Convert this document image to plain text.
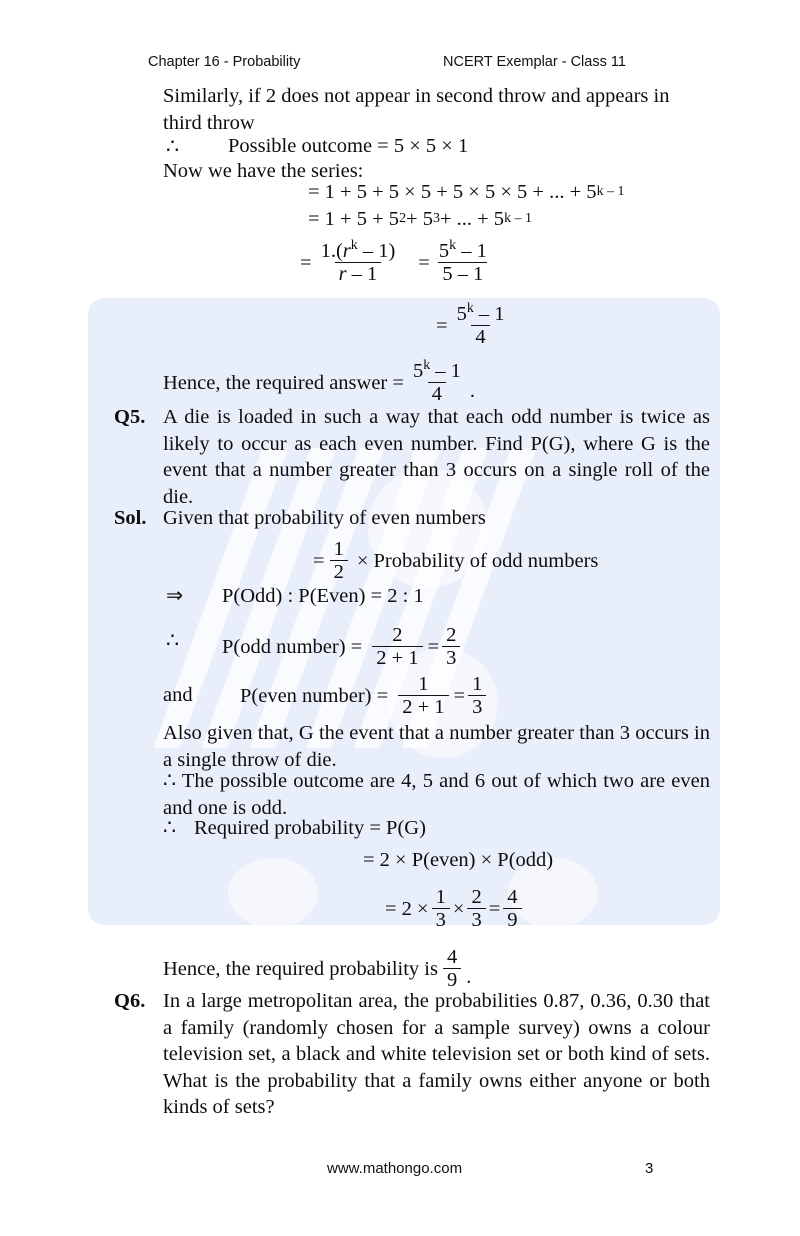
Chapter 16 - Probability	NCERT Exemplar - Class 11
Similarly, if 2 does not appear in second throw and appears in
third throw
∴ Possible outcome = 5 × 5 × 1
Now we have the series:
= 1 + 5 + 5 × 5 + 5 × 5 × 5 + ... + 5 k – 1
= 1 + 5 + 5 2 + 5 3 + ... + 5 k – 1
= $\frac{1.(r^k - 1)}{r - 1} = \frac{5^k - 1}{5 - 1}$
= $\frac{5^k - 1}{4}$
Hence, the required answer = $\frac{5^k - 1}{4}$ .
Q5. A die is loaded in such a way that each odd number is twice as likely to occur as each even number. Find P(G), where G is the event that a number greater than 3 occurs on a single roll of the die.
Sol. Given that probability of even numbers
= $\frac{1}{2}$ × Probability of odd numbers
⇒ P(Odd) : P(Even) = 2 : 1
∴ P(odd number) = $\frac{2}{2 + 1} = \frac{2}{3}$
and P(even number) = $\frac{1}{2 + 1} = \frac{1}{3}$
Also given that, G the event that a number greater than 3 occurs in a single throw of die.
∴ The possible outcome are 4, 5 and 6 out of which two are even and one is odd.
∴ Required probability = P(G)
= 2 × P(even) × P(odd)
= $2 \times \frac{1}{3} \times \frac{2}{3} = \frac{4}{9}$
Hence, the required probability is $\frac{4}{9}$ .
Q6. In a large metropolitan area, the probabilities 0.87, 0.36, 0.30 that a family (randomly chosen for a sample survey) owns a colour television set, a black and white television set or both kind of sets. What is the probability that a family owns either anyone or both kinds of sets?
www.mathongo.com	3
